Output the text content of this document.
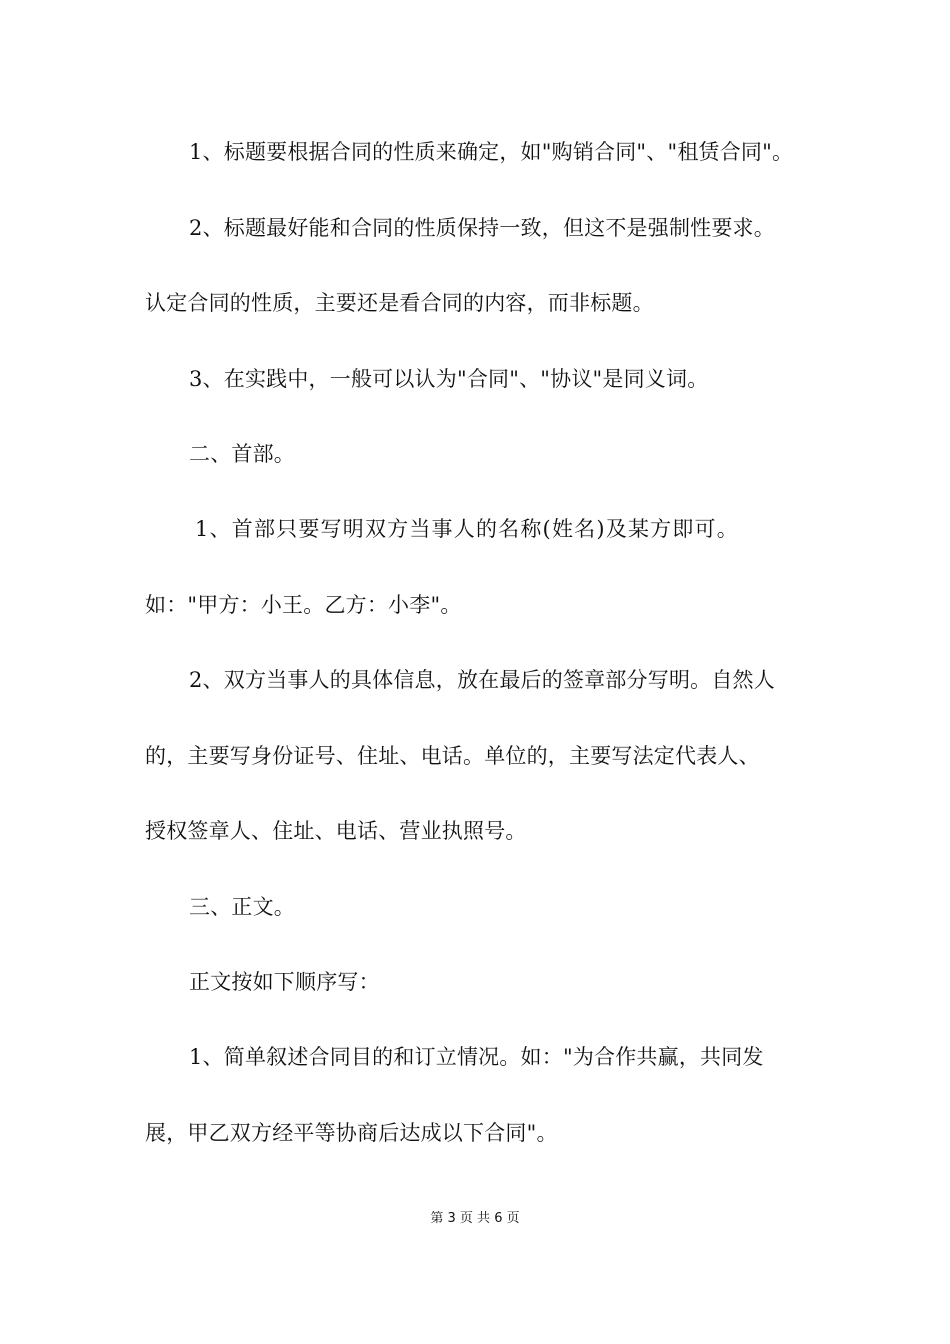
1、标题要根据合同的性质来确定，如"购销合同"、"租赁合同"。
2、标题最好能和合同的性质保持一致，但这不是强制性要求。
认定合同的性质，主要还是看合同的内容，而非标题。
3、在实践中，一般可以认为"合同"、"协议"是同义词。
二、首部。
1、首部只要写明双方当事人的名称(姓名)及某方即可。
如："甲方：小王。乙方：小李"。
2、双方当事人的具体信息，放在最后的签章部分写明。自然人
的，主要写身份证号、住址、电话。单位的，主要写法定代表人、
授权签章人、住址、电话、营业执照号。
三、正文。
正文按如下顺序写：
1、简单叙述合同目的和订立情况。如："为合作共赢，共同发
展，甲乙双方经平等协商后达成以下合同"。
第 3 页 共 6 页
